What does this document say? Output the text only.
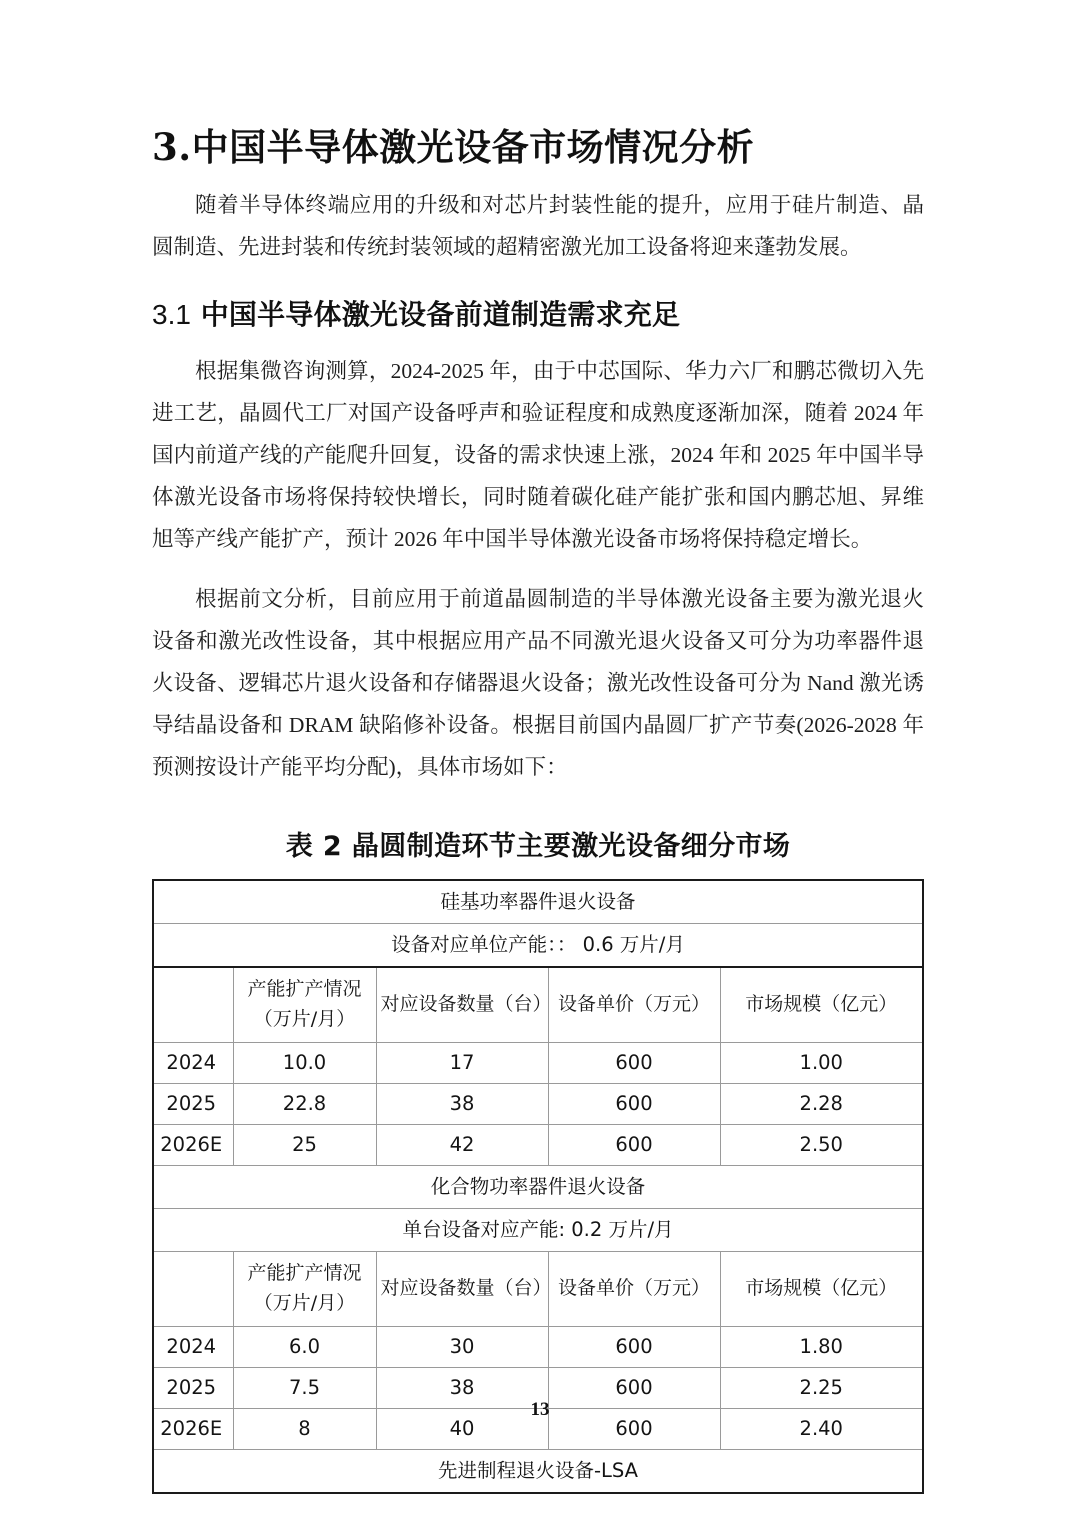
3.中国半导体激光设备市场情况分析

随着半导体终端应用的升级和对芯片封装性能的提升，应用于硅片制造、晶圆制造、先进封装和传统封装领域的超精密激光加工设备将迎来蓬勃发展。

3.1 中国半导体激光设备前道制造需求充足

根据集微咨询测算，2024-2025 年，由于中芯国际、华力六厂和鹏芯微切入先进工艺，晶圆代工厂对国产设备呼声和验证程度和成熟度逐渐加深，随着 2024 年国内前道产线的产能爬升回复，设备的需求快速上涨，2024 年和 2025 年中国半导体激光设备市场将保持较快增长，同时随着碳化硅产能扩张和国内鹏芯旭、昇维旭等产线产能扩产，预计 2026 年中国半导体激光设备市场将保持稳定增长。

根据前文分析，目前应用于前道晶圆制造的半导体激光设备主要为激光退火设备和激光改性设备，其中根据应用产品不同激光退火设备又可分为功率器件退火设备、逻辑芯片退火设备和存储器退火设备；激光改性设备可分为 Nand 激光诱导结晶设备和 DRAM 缺陷修补设备。根据目前国内晶圆厂扩产节奏(2026-2028 年预测按设计产能平均分配)，具体市场如下：

表 2 晶圆制造环节主要激光设备细分市场
硅基功率器件退火设备				
设备对应单位产能：： 0.6 万片/月				

	产能扩产情况
（万片/月）	对应设备数量（台）	设备单价（万元）	市场规模（亿元）
2024	10.0	17	600	1.00
2025	22.8	38	600	2.28
2026E	25	42	600	2.50
化合物功率器件退火设备				
单台设备对应产能: 0.2 万片/月				

	产能扩产情况
（万片/月）	对应设备数量（台）	设备单价（万元）	市场规模（亿元）
2024	6.0	30	600	1.80
2025	7.5	38	600	2.25
2026E	8	40	600	2.40
先进制程退火设备-LSA				
13
